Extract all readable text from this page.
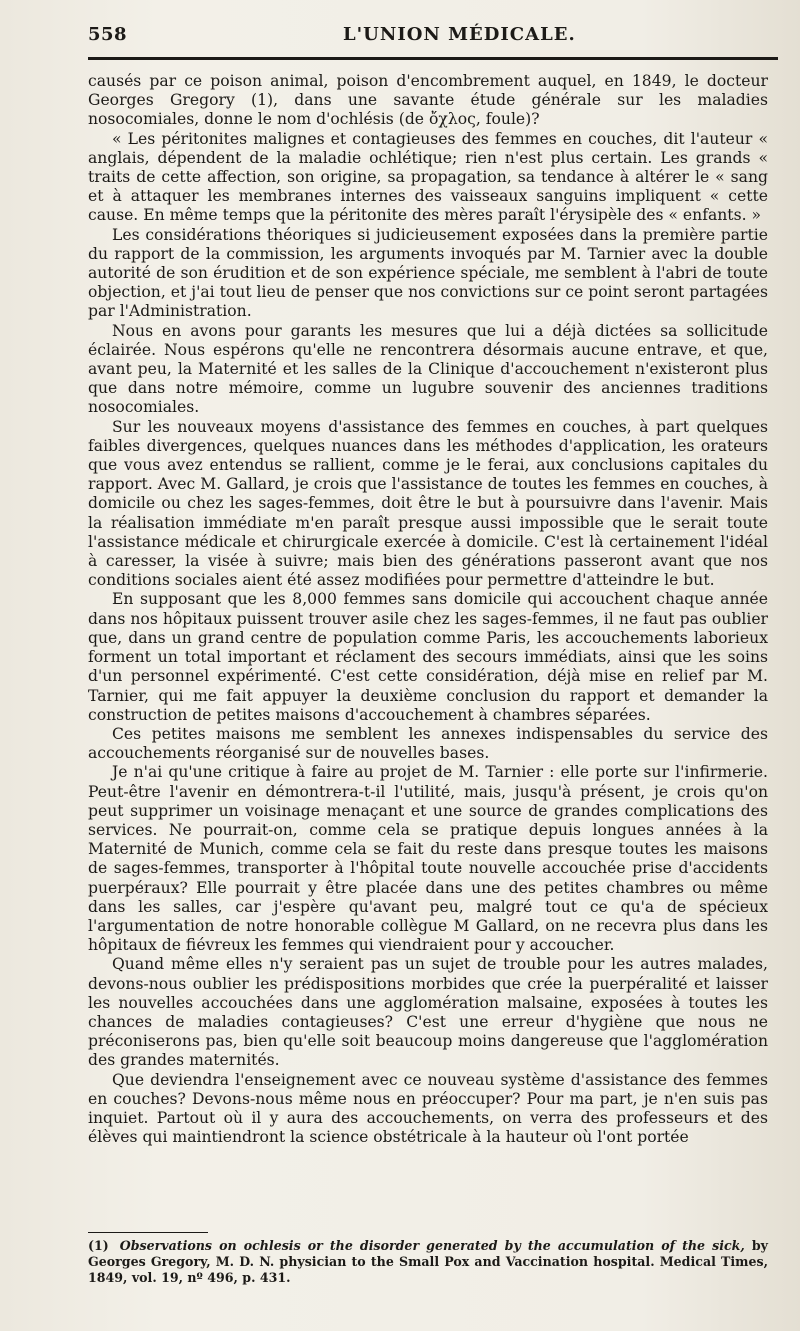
558	L'UNION MÉDICALE.

causés par ce poison animal, poison d'encombrement auquel, en 1849, le docteur Georges Gregory (1), dans une savante étude générale sur les maladies nosocomiales, donne le nom d'ochlésis (de ὄχλος, foule)?

« Les péritonites malignes et contagieuses des femmes en couches, dit l'auteur « anglais, dépendent de la maladie ochlétique; rien n'est plus certain. Les grands « traits de cette affection, son origine, sa propagation, sa tendance à altérer le « sang et à attaquer les membranes internes des vaisseaux sanguins impliquent « cette cause. En même temps que la péritonite des mères paraît l'érysipèle des « enfants. »

Les considérations théoriques si judicieusement exposées dans la première partie du rapport de la commission, les arguments invoqués par M. Tarnier avec la double autorité de son érudition et de son expérience spéciale, me semblent à l'abri de toute objection, et j'ai tout lieu de penser que nos convictions sur ce point seront partagées par l'Administration.

Nous en avons pour garants les mesures que lui a déjà dictées sa sollicitude éclairée. Nous espérons qu'elle ne rencontrera désormais aucune entrave, et que, avant peu, la Maternité et les salles de la Clinique d'accouchement n'existeront plus que dans notre mémoire, comme un lugubre souvenir des anciennes traditions nosocomiales.

Sur les nouveaux moyens d'assistance des femmes en couches, à part quelques faibles divergences, quelques nuances dans les méthodes d'application, les orateurs que vous avez entendus se rallient, comme je le ferai, aux conclusions capitales du rapport. Avec M. Gallard, je crois que l'assistance de toutes les femmes en couches, à domicile ou chez les sages-femmes, doit être le but à poursuivre dans l'avenir. Mais la réalisation immédiate m'en paraît presque aussi impossible que le serait toute l'assistance médicale et chirurgicale exercée à domicile. C'est là certainement l'idéal à caresser, la visée à suivre; mais bien des générations passeront avant que nos conditions sociales aient été assez modifiées pour permettre d'atteindre le but.

En supposant que les 8,000 femmes sans domicile qui accouchent chaque année dans nos hôpitaux puissent trouver asile chez les sages-femmes, il ne faut pas oublier que, dans un grand centre de population comme Paris, les accouchements laborieux forment un total important et réclament des secours immédiats, ainsi que les soins d'un personnel expérimenté. C'est cette considération, déjà mise en relief par M. Tarnier, qui me fait appuyer la deuxième conclusion du rapport et demander la construction de petites maisons d'accouchement à chambres séparées.

Ces petites maisons me semblent les annexes indispensables du service des accouchements réorganisé sur de nouvelles bases.

Je n'ai qu'une critique à faire au projet de M. Tarnier : elle porte sur l'infirmerie. Peut-être l'avenir en démontrera-t-il l'utilité, mais, jusqu'à présent, je crois qu'on peut supprimer un voisinage menaçant et une source de grandes complications des services. Ne pourrait-on, comme cela se pratique depuis longues années à la Maternité de Munich, comme cela se fait du reste dans presque toutes les maisons de sages-femmes, transporter à l'hôpital toute nouvelle accouchée prise d'accidents puerpéraux? Elle pourrait y être placée dans une des petites chambres ou même dans les salles, car j'espère qu'avant peu, malgré tout ce qu'a de spécieux l'argumentation de notre honorable collègue M Gallard, on ne recevra plus dans les hôpitaux de fiévreux les femmes qui viendraient pour y accoucher.

Quand même elles n'y seraient pas un sujet de trouble pour les autres malades, devons-nous oublier les prédispositions morbides que crée la puerpéralité et laisser les nouvelles accouchées dans une agglomération malsaine, exposées à toutes les chances de maladies contagieuses? C'est une erreur d'hygiène que nous ne préconiserons pas, bien qu'elle soit beaucoup moins dangereuse que l'agglomération des grandes maternités.

Que deviendra l'enseignement avec ce nouveau système d'assistance des femmes en couches? Devons-nous même nous en préoccuper? Pour ma part, je n'en suis pas inquiet. Partout où il y aura des accouchements, on verra des professeurs et des élèves qui maintiendront la science obstétricale à la hauteur où l'ont portée

(1) Observations on ochlesis or the disorder generated by the accumulation of the sick, by Georges Gregory, M. D. N. physician to the Small Pox and Vaccination hospital. Medical Times, 1849, vol. 19, nº 496, p. 431.
